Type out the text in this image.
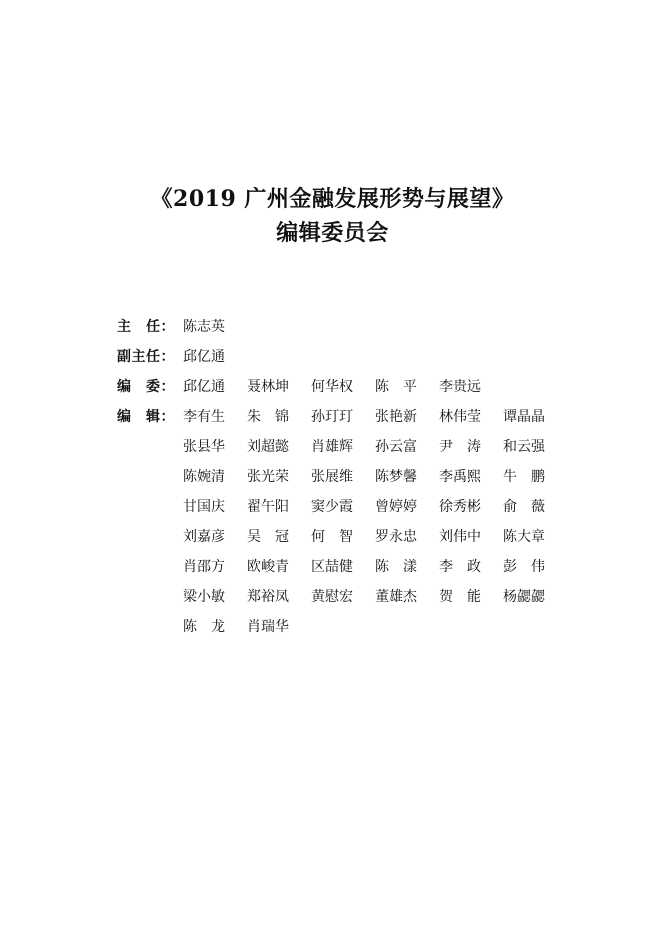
《2019 广州金融发展形势与展望》
编辑委员会
主　任： 陈志英
副主任： 邱亿通
编　委： 邱亿通	聂林坤	何华权	陈　平	李贵远
编　辑： 李有生	朱　锦	孙玎玎	张艳新	林伟莹	谭晶晶
张县华	刘超懿	肖雄辉	孙云富	尹　涛	和云强
陈婉清	张光荣	张展维	陈梦馨	李禹熙	牛　鹏
甘国庆	翟午阳	窦少霞	曾婷婷	徐秀彬	俞　薇
刘嘉彦	吴　冠	何　智	罗永忠	刘伟中	陈大章
肖邵方	欧峻青	区喆健	陈　漾	李　政	彭　伟
梁小敏	郑裕凤	黄慰宏	董雄杰	贺　能	杨勰勰
陈　龙	肖瑞华
